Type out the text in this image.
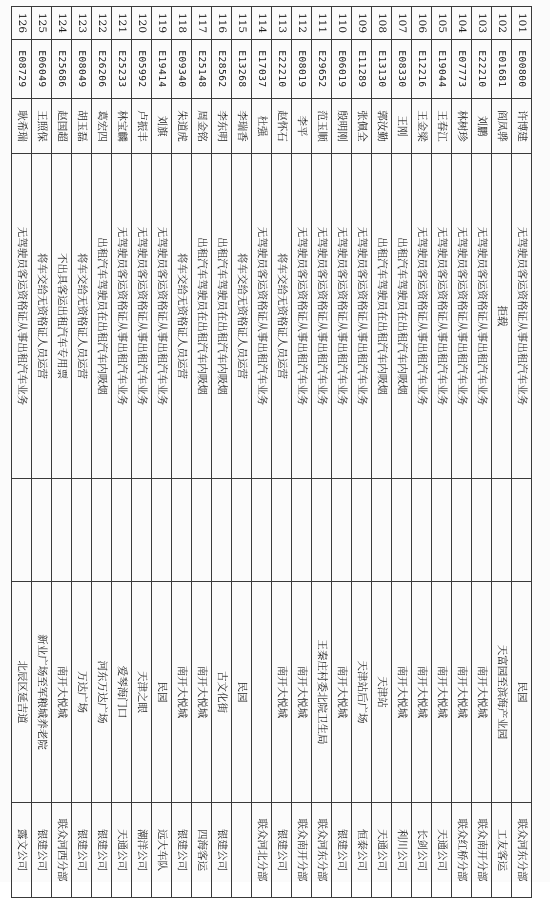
101	E00800	许博建	无驾驶员客运资格证从事出租汽车业务		民园	联众河东分部
102	E01681	阎凤骅	拒载		天富园至滨海产业园	工友客运
103	E22210	刘鹏	无驾驶员客运资格证从事出租汽车业务		南开大悦城	联众南开分部
104	E07773	林树珍	无驾驶员客运资格证从事出租汽车业务		南开大悦城	联众红桥分部
105	E19044	王春江	无驾驶员客运资格证从事出租汽车业务		南开大悦城	天通公司
106	E12216	王金梁	无驾驶员客运资格证从事出租汽车业务		南开大悦城	长剑公司
107	E08330	王刚	出租汽车驾驶员在出租汽车内吸烟		南开大悦城	利川公司
108	E13130	郭汝勤	出租汽车驾驶员在出租汽车内吸烟		天津站	天通公司
109	E11289	张佩全	无驾驶员客运资格证从事出租汽车业务		天津站后广场	恒泰公司
110	E06019	殷明刚	无驾驶员客运资格证从事出租汽车业务		南开大悦城	银建公司
111	E29652	范玉顺	无驾驶员客运资格证从事出租汽车业务		王秦庄村委北院卫生局	联众河东分部
112	E08019	李平	无驾驶员客运资格证从事出租汽车业务		南开大悦城	联众南开分部
113	E22210	赵怀石	将车交给无资格证人员运营		南开大悦城	银建公司
114	E17037	杜强	无驾驶员客运资格证从事出租汽车业务			联众河北分部
115	E13268	李瑞香	将车交给无资格证人员运营		民园	
116	E28562	李东明	出租汽车驾驶员在出租汽车内吸烟		古文化街	银建公司
117	E25148	周金铭	出租汽车驾驶员在出租汽车内吸烟		南开大悦城	四海客运
118	E09340	朱道虎	将车交给无资格证人员运营		南开大悦城	银建公司
119	E19414	刘旗	无驾驶员客运资格证从事出租汽车业务		民园	远大车队
120	E05992	卢振丰	无驾驶员客运资格证从事出租汽车业务		天津之眼	潮洋公司
121	E25233	林宝麟	无驾驶员客运资格证从事出租汽车业务		爱琴海门口	天通公司
122	E26206	葛宏四	出租汽车驾驶员在出租汽车内吸烟		河东万达广场	银建公司
123	E08049	胡玉磊	将车交给无资格证人员运营		万达广场	银建公司
124	E25686	赵国超	不出具客运出租汽车专用票		南开大悦城	联众河西分部
125	E06049	王照保	将车交给无资格证人员运营		新业广场至军粮城养老院	银建公司
126	E08729	耿希瑞	无驾驶员客运资格证从事出租汽车业务		北辰区延吉道	露文公司
